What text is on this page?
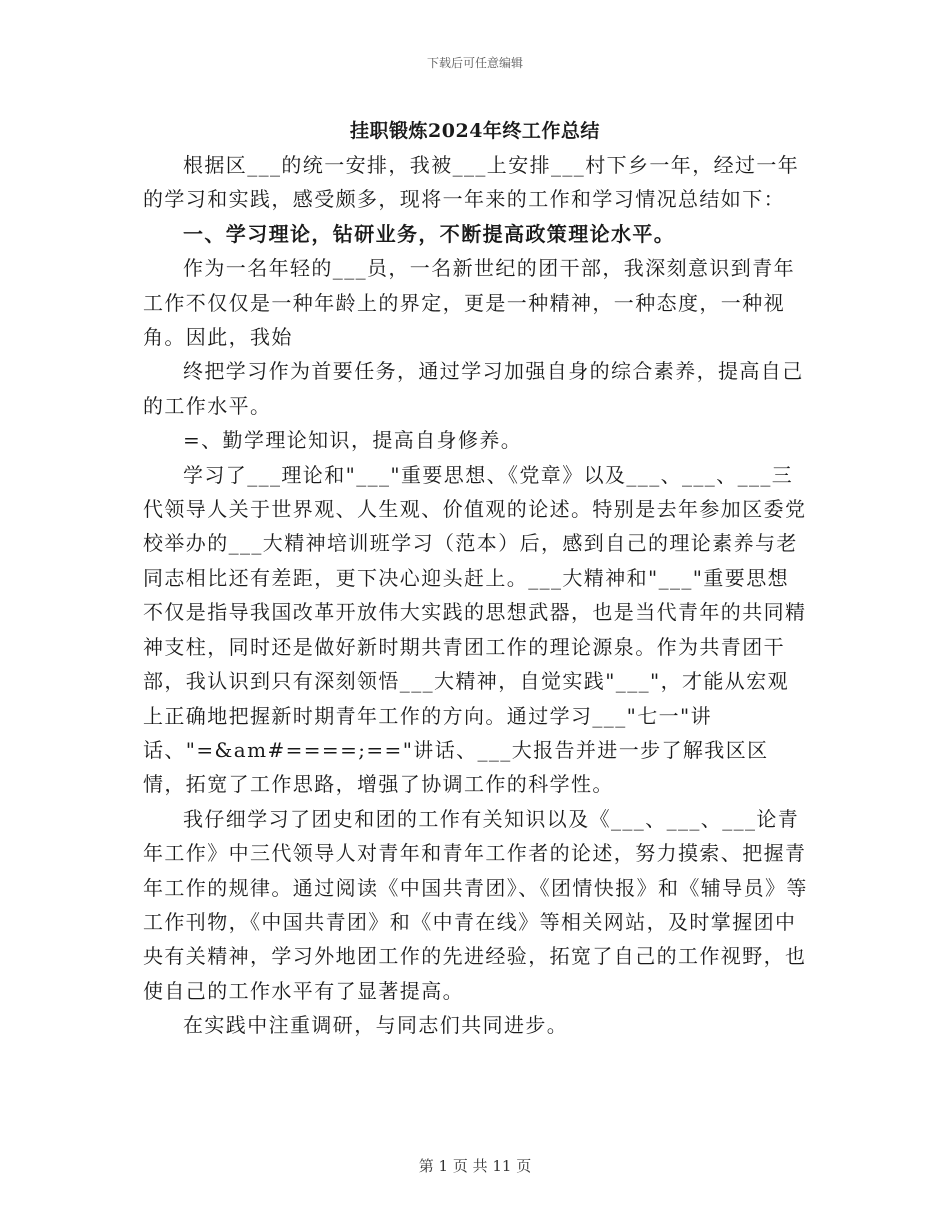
下载后可任意编辑
挂职锻炼2024年终工作总结

根据区___的统一安排，我被___上安排___村下乡一年，经过一年的学习和实践，感受颇多，现将一年来的工作和学习情况总结如下：

一、学习理论，钻研业务，不断提高政策理论水平。

作为一名年轻的___员，一名新世纪的团干部，我深刻意识到青年工作不仅仅是一种年龄上的界定，更是一种精神，一种态度，一种视角。因此，我始

终把学习作为首要任务，通过学习加强自身的综合素养，提高自己的工作水平。

=、勤学理论知识，提高自身修养。

学习了___理论和"___"重要思想、《党章》以及___、___、___三代领导人关于世界观、人生观、价值观的论述。特别是去年参加区委党校举办的___大精神培训班学习（范本）后，感到自己的理论素养与老同志相比还有差距，更下决心迎头赶上。___大精神和"___"重要思想不仅是指导我国改革开放伟大实践的思想武器，也是当代青年的共同精神支柱，同时还是做好新时期共青团工作的理论源泉。作为共青团干部，我认识到只有深刻领悟___大精神，自觉实践"___"，才能从宏观上正确地把握新时期青年工作的方向。通过学习___"七一"讲

话、"=&am#====;=="讲话、___大报告并进一步了解我区区情，拓宽了工作思路，增强了协调工作的科学性。

我仔细学习了团史和团的工作有关知识以及《___、___、___论青年工作》中三代领导人对青年和青年工作者的论述，努力摸索、把握青年工作的规律。通过阅读《中国共青团》、《团情快报》和《辅导员》等工作刊物，《中国共青团》和《中青在线》等相关网站，及时掌握团中央有关精神，学习外地团工作的先进经验，拓宽了自己的工作视野，也使自己的工作水平有了显著提高。

在实践中注重调研，与同志们共同进步。

第 1 页 共 11 页
